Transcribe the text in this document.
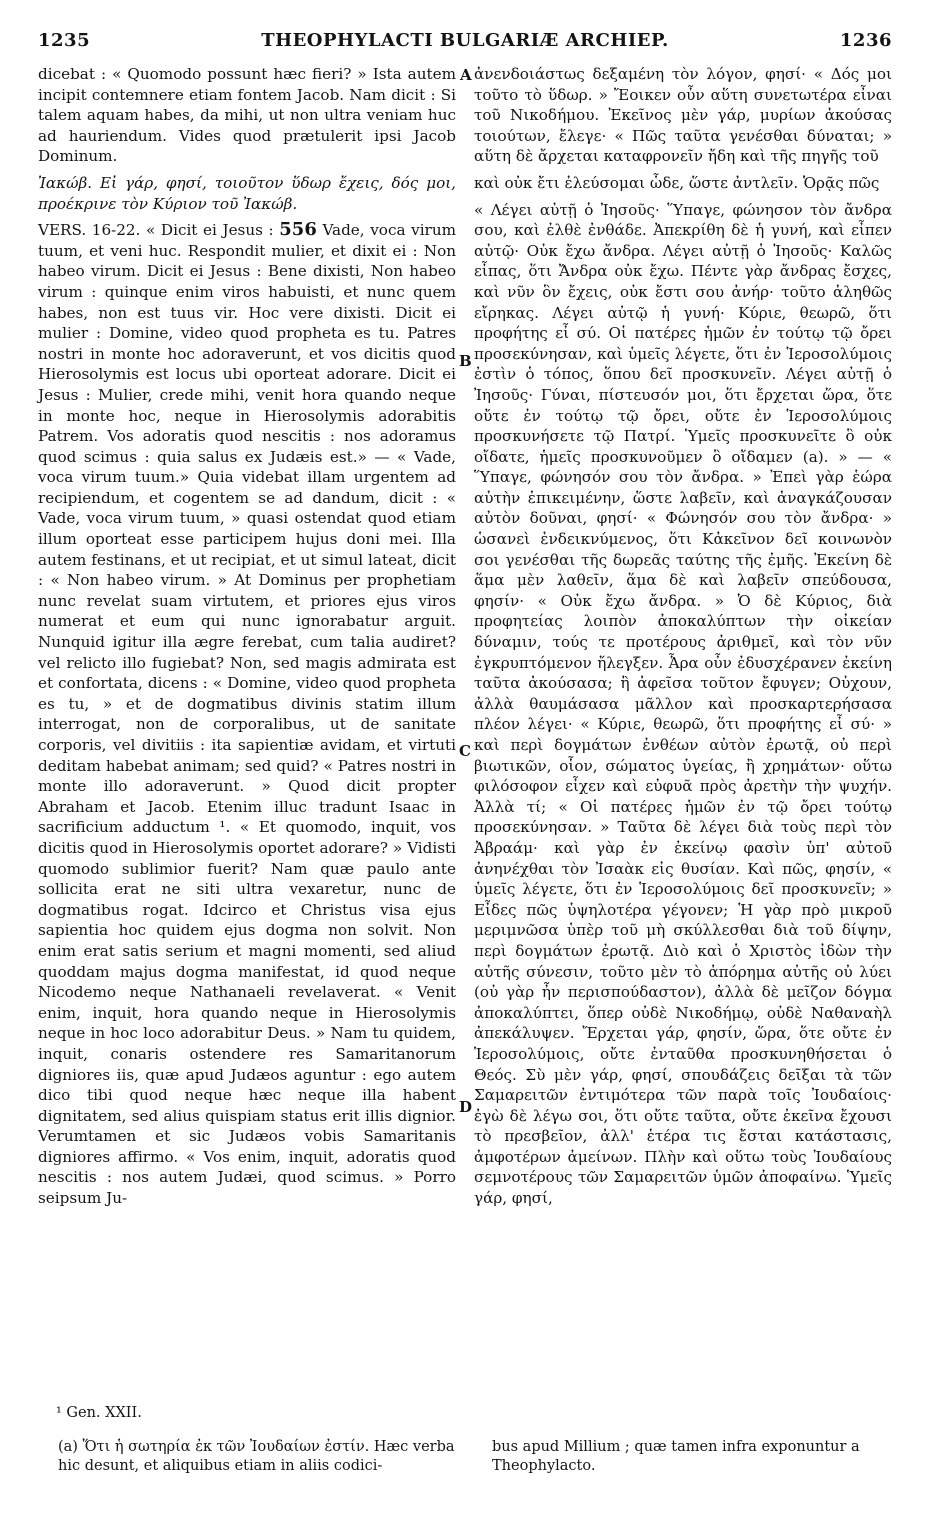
1235	THEOPHYLACTI BULGARIÆ ARCHIEP.	1236

dicebat : « Quomodo possunt hæc fieri? » Ista autem incipit contemnere etiam fontem Jacob. Nam dicit : Si talem aquam habes, da mihi, ut non ultra veniam huc ad hauriendum. Vides quod prætulerit ipsi Jacob Dominum.

Ἰακώβ. Εἰ γάρ, φησί, τοιοῦτον ὕδωρ ἔχεις, δός μοι, προέκρινε τὸν Κύριον τοῦ Ἰακώβ.

VERS. 16-22. « Dicit ei Jesus : 556 Vade, voca virum tuum, et veni huc. Respondit mulier, et dixit ei : Non habeo virum. Dicit ei Jesus : Bene dixisti, Non habeo virum : quinque enim viros habuisti, et nunc quem habes, non est tuus vir. Hoc vere dixisti. Dicit ei mulier : Domine, video quod propheta es tu. Patres nostri in monte hoc adoraverunt, et vos dicitis quod Hierosolymis est locus ubi oporteat adorare. Dicit ei Jesus : Mulier, crede mihi, venit hora quando neque in monte hoc, neque in Hierosolymis adorabitis Patrem. Vos adoratis quod nescitis : nos adoramus quod scimus : quia salus ex Judæis est.» — « Vade, voca virum tuum.» Quia videbat illam urgentem ad recipiendum, et cogentem se ad dandum, dicit : « Vade, voca virum tuum, » quasi ostendat quod etiam illum oporteat esse participem hujus doni mei. Illa autem festinans, et ut recipiat, et ut simul lateat, dicit : « Non habeo virum. » At Dominus per prophetiam nunc revelat suam virtutem, et priores ejus viros numerat et eum qui nunc ignorabatur arguit. Nunquid igitur illa ægre ferebat, cum talia audiret? vel relicto illo fugiebat? Non, sed magis admirata est et confortata, dicens : « Domine, video quod propheta es tu, » et de dogmatibus divinis statim illum interrogat, non de corporalibus, ut de sanitate corporis, vel divitiis : ita sapientiæ avidam, et virtuti deditam habebat animam; sed quid? « Patres nostri in monte illo adoraverunt. » Quod dicit propter Abraham et Jacob. Etenim illuc tradunt Isaac in sacrificium adductum ¹. « Et quomodo, inquit, vos dicitis quod in Hierosolymis oportet adorare? » Vidisti quomodo sublimior fuerit? Nam quæ paulo ante sollicita erat ne siti ultra vexaretur, nunc de dogmatibus rogat. Idcirco et Christus visa ejus sapientia hoc quidem ejus dogma non solvit. Non enim erat satis serium et magni momenti, sed aliud quoddam majus dogma manifestat, id quod neque Nicodemo neque Nathanaeli revelaverat. « Venit enim, inquit, hora quando neque in Hierosolymis neque in hoc loco adorabitur Deus. » Nam tu quidem, inquit, conaris ostendere res Samaritanorum digniores iis, quæ apud Judæos aguntur : ego autem dico tibi quod neque hæc neque illa habent dignitatem, sed alius quispiam status erit illis dignior. Verumtamen et sic Judæos vobis Samaritanis digniores affirmo. « Vos enim, inquit, adoratis quod nescitis : nos autem Judæi, quod scimus. » Porro seipsum Ju-

ἀνενδοιάστως δεξαμένη τὸν λόγον, φησί· « Δός μοι τοῦτο τὸ ὕδωρ. » Ἔοικεν οὖν αὕτη συνετωτέρα εἶναι τοῦ Νικοδήμου. Ἐκεῖνος μὲν γάρ, μυρίων ἀκούσας τοιούτων, ἔλεγε· « Πῶς ταῦτα γενέσθαι δύναται; » αὕτη δὲ ἄρχεται καταφρονεῖν ἤδη καὶ τῆς πηγῆς τοῦ

καὶ οὐκ ἔτι ἐλεύσομαι ὧδε, ὥστε ἀντλεῖν. Ὁρᾷς πῶς

« Λέγει αὐτῇ ὁ Ἰησοῦς· Ὕπαγε, φώνησον τὸν ἄνδρα σου, καὶ ἐλθὲ ἐνθάδε. Ἀπεκρίθη δὲ ἡ γυνή, καὶ εἶπεν αὐτῷ· Οὐκ ἔχω ἄνδρα. Λέγει αὐτῇ ὁ Ἰησοῦς· Καλῶς εἶπας, ὅτι Ἄνδρα οὐκ ἔχω. Πέντε γὰρ ἄνδρας ἔσχες, καὶ νῦν ὃν ἔχεις, οὐκ ἔστι σου ἀνήρ· τοῦτο ἀληθῶς εἴρηκας. Λέγει αὐτῷ ἡ γυνή· Κύριε, θεωρῶ, ὅτι προφήτης εἶ σύ. Οἱ πατέρες ἡμῶν ἐν τούτῳ τῷ ὄρει προσεκύνησαν, καὶ ὑμεῖς λέγετε, ὅτι ἐν Ἱεροσολύμοις ἐστὶν ὁ τόπος, ὅπου δεῖ προσκυνεῖν. Λέγει αὐτῇ ὁ Ἰησοῦς· Γύναι, πίστευσόν μοι, ὅτι ἔρχεται ὥρα, ὅτε οὔτε ἐν τούτῳ τῷ ὄρει, οὔτε ἐν Ἱεροσολύμοις προσκυνήσετε τῷ Πατρί. Ὑμεῖς προσκυνεῖτε ὃ οὐκ οἴδατε, ἡμεῖς προσκυνοῦμεν ὃ οἴδαμεν (a). » — « Ὕπαγε, φώνησόν σου τὸν ἄνδρα. » Ἐπεὶ γὰρ ἑώρα αὐτὴν ἐπικειμένην, ὥστε λαβεῖν, καὶ ἀναγκάζουσαν αὐτὸν δοῦναι, φησί· « Φώνησόν σου τὸν ἄνδρα· » ὡσανεὶ ἐνδεικνύμενος, ὅτι Κἀκεῖνον δεῖ κοινωνὸν σοι γενέσθαι τῆς δωρεᾶς ταύτης τῆς ἐμῆς. Ἐκείνη δὲ ἅμα μὲν λαθεῖν, ἅμα δὲ καὶ λαβεῖν σπεύδουσα, φησίν· « Οὐκ ἔχω ἄνδρα. » Ὁ δὲ Κύριος, διὰ προφητείας λοιπὸν ἀποκαλύπτων τὴν οἰκείαν δύναμιν, τούς τε προτέρους ἀριθμεῖ, καὶ τὸν νῦν ἐγκρυπτόμενον ἤλεγξεν. Ἆρα οὖν ἐδυσχέρανεν ἐκείνη ταῦτα ἀκούσασα; ἢ ἀφεῖσα τοῦτον ἔφυγεν; Οὐχουν, ἀλλὰ θαυμάσασα μᾶλλον καὶ προσκαρτερήσασα πλέον λέγει· « Κύριε, θεωρῶ, ὅτι προφήτης εἶ σύ· » καὶ περὶ δογμάτων ἐνθέων αὐτὸν ἐρωτᾷ, οὐ περὶ βιωτικῶν, οἷον, σώματος ὑγείας, ἢ χρημάτων· οὕτω φιλόσοφον εἶχεν καὶ εὐφυᾶ πρὸς ἀρετὴν τὴν ψυχήν. Ἀλλὰ τί; « Οἱ πατέρες ἡμῶν ἐν τῷ ὄρει τούτῳ προσεκύνησαν. » Ταῦτα δὲ λέγει διὰ τοὺς περὶ τὸν Ἀβραάμ· καὶ γὰρ ἐν ἐκείνῳ φασὶν ὑπ' αὐτοῦ ἀνηνέχθαι τὸν Ἰσαὰκ εἰς θυσίαν. Καὶ πῶς, φησίν, « ὑμεῖς λέγετε, ὅτι ἐν Ἱεροσολύμοις δεῖ προσκυνεῖν; » Εἶδες πῶς ὑψηλοτέρα γέγονεν; Ἡ γὰρ πρὸ μικροῦ μεριμνῶσα ὑπὲρ τοῦ μὴ σκύλλεσθαι διὰ τοῦ δίψην, περὶ δογμάτων ἐρωτᾷ. Διὸ καὶ ὁ Χριστὸς ἰδὼν τὴν αὐτῆς σύνεσιν, τοῦτο μὲν τὸ ἀπόρημα αὐτῆς οὐ λύει (οὐ γὰρ ἦν περισπούδαστον), ἀλλὰ δὲ μεῖζον δόγμα ἀποκαλύπτει, ὅπερ οὐδὲ Νικοδήμῳ, οὐδὲ Ναθαναὴλ ἀπεκάλυψεν. Ἔρχεται γάρ, φησίν, ὥρα, ὅτε οὔτε ἐν Ἱεροσολύμοις, οὔτε ἐνταῦθα προσκυνηθήσεται ὁ Θεός. Σὺ μὲν γάρ, φησί, σπουδάζεις δεῖξαι τὰ τῶν Σαμαρειτῶν ἐντιμότερα τῶν παρὰ τοῖς Ἰουδαίοις· ἐγὼ δὲ λέγω σοι, ὅτι οὔτε ταῦτα, οὔτε ἐκεῖνα ἔχουσι τὸ πρεσβεῖον, ἀλλ' ἑτέρα τις ἔσται κατάστασις, ἀμφοτέρων ἀμείνων. Πλὴν καὶ οὕτω τοὺς Ἰουδαίους σεμνοτέρους τῶν Σαμαρειτῶν ὑμῶν ἀποφαίνω. Ὑμεῖς γάρ, φησί,

A
B
C
D
¹ Gen. XXII.
(a) Ὅτι ἡ σωτηρία ἐκ τῶν Ἰουδαίων ἐστίν. Hæc verba hic desunt, et aliquibus etiam in aliis codici-
bus apud Millium ; quæ tamen infra exponuntur a Theophylacto.
